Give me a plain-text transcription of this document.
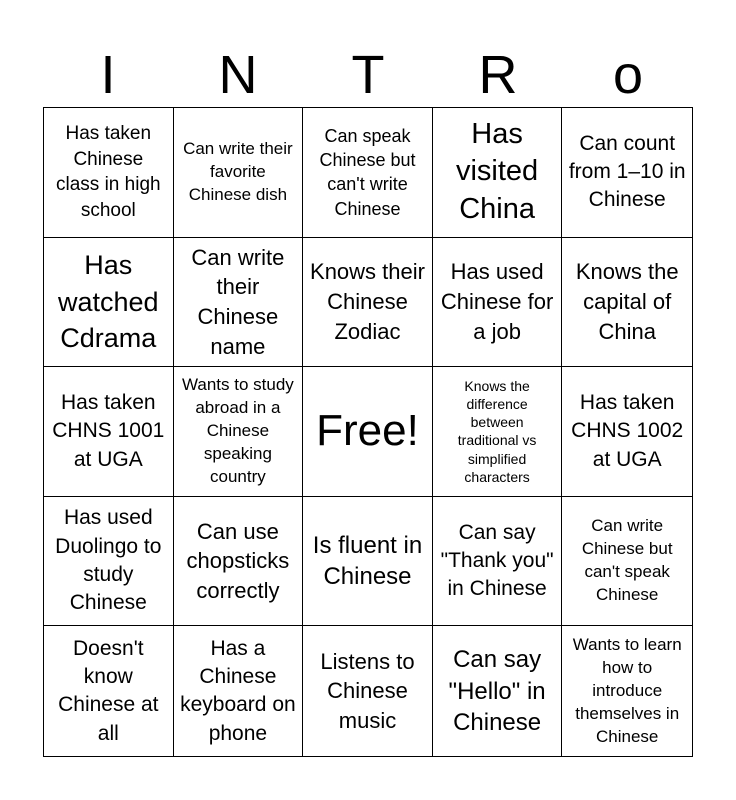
I	N	T	R	o
Has taken Chinese class in high school
Can write their favorite Chinese dish
Can speak Chinese but can't write Chinese
Has visited China
Can count from 1–10 in Chinese
Has watched Cdrama
Can write their Chinese name
Knows their Chinese Zodiac
Has used Chinese for a job
Knows the capital of China
Has taken CHNS 1001 at UGA
Wants to study abroad in a Chinese speaking country
Free!
Knows the difference between traditional vs simplified characters
Has taken CHNS 1002 at UGA
Has used Duolingo to study Chinese
Can use chopsticks correctly
Is fluent in Chinese
Can say "Thank you" in Chinese
Can write Chinese but can't speak Chinese
Doesn't know Chinese at all
Has a Chinese keyboard on phone
Listens to Chinese music
Can say "Hello" in Chinese
Wants to learn how to introduce themselves in Chinese
